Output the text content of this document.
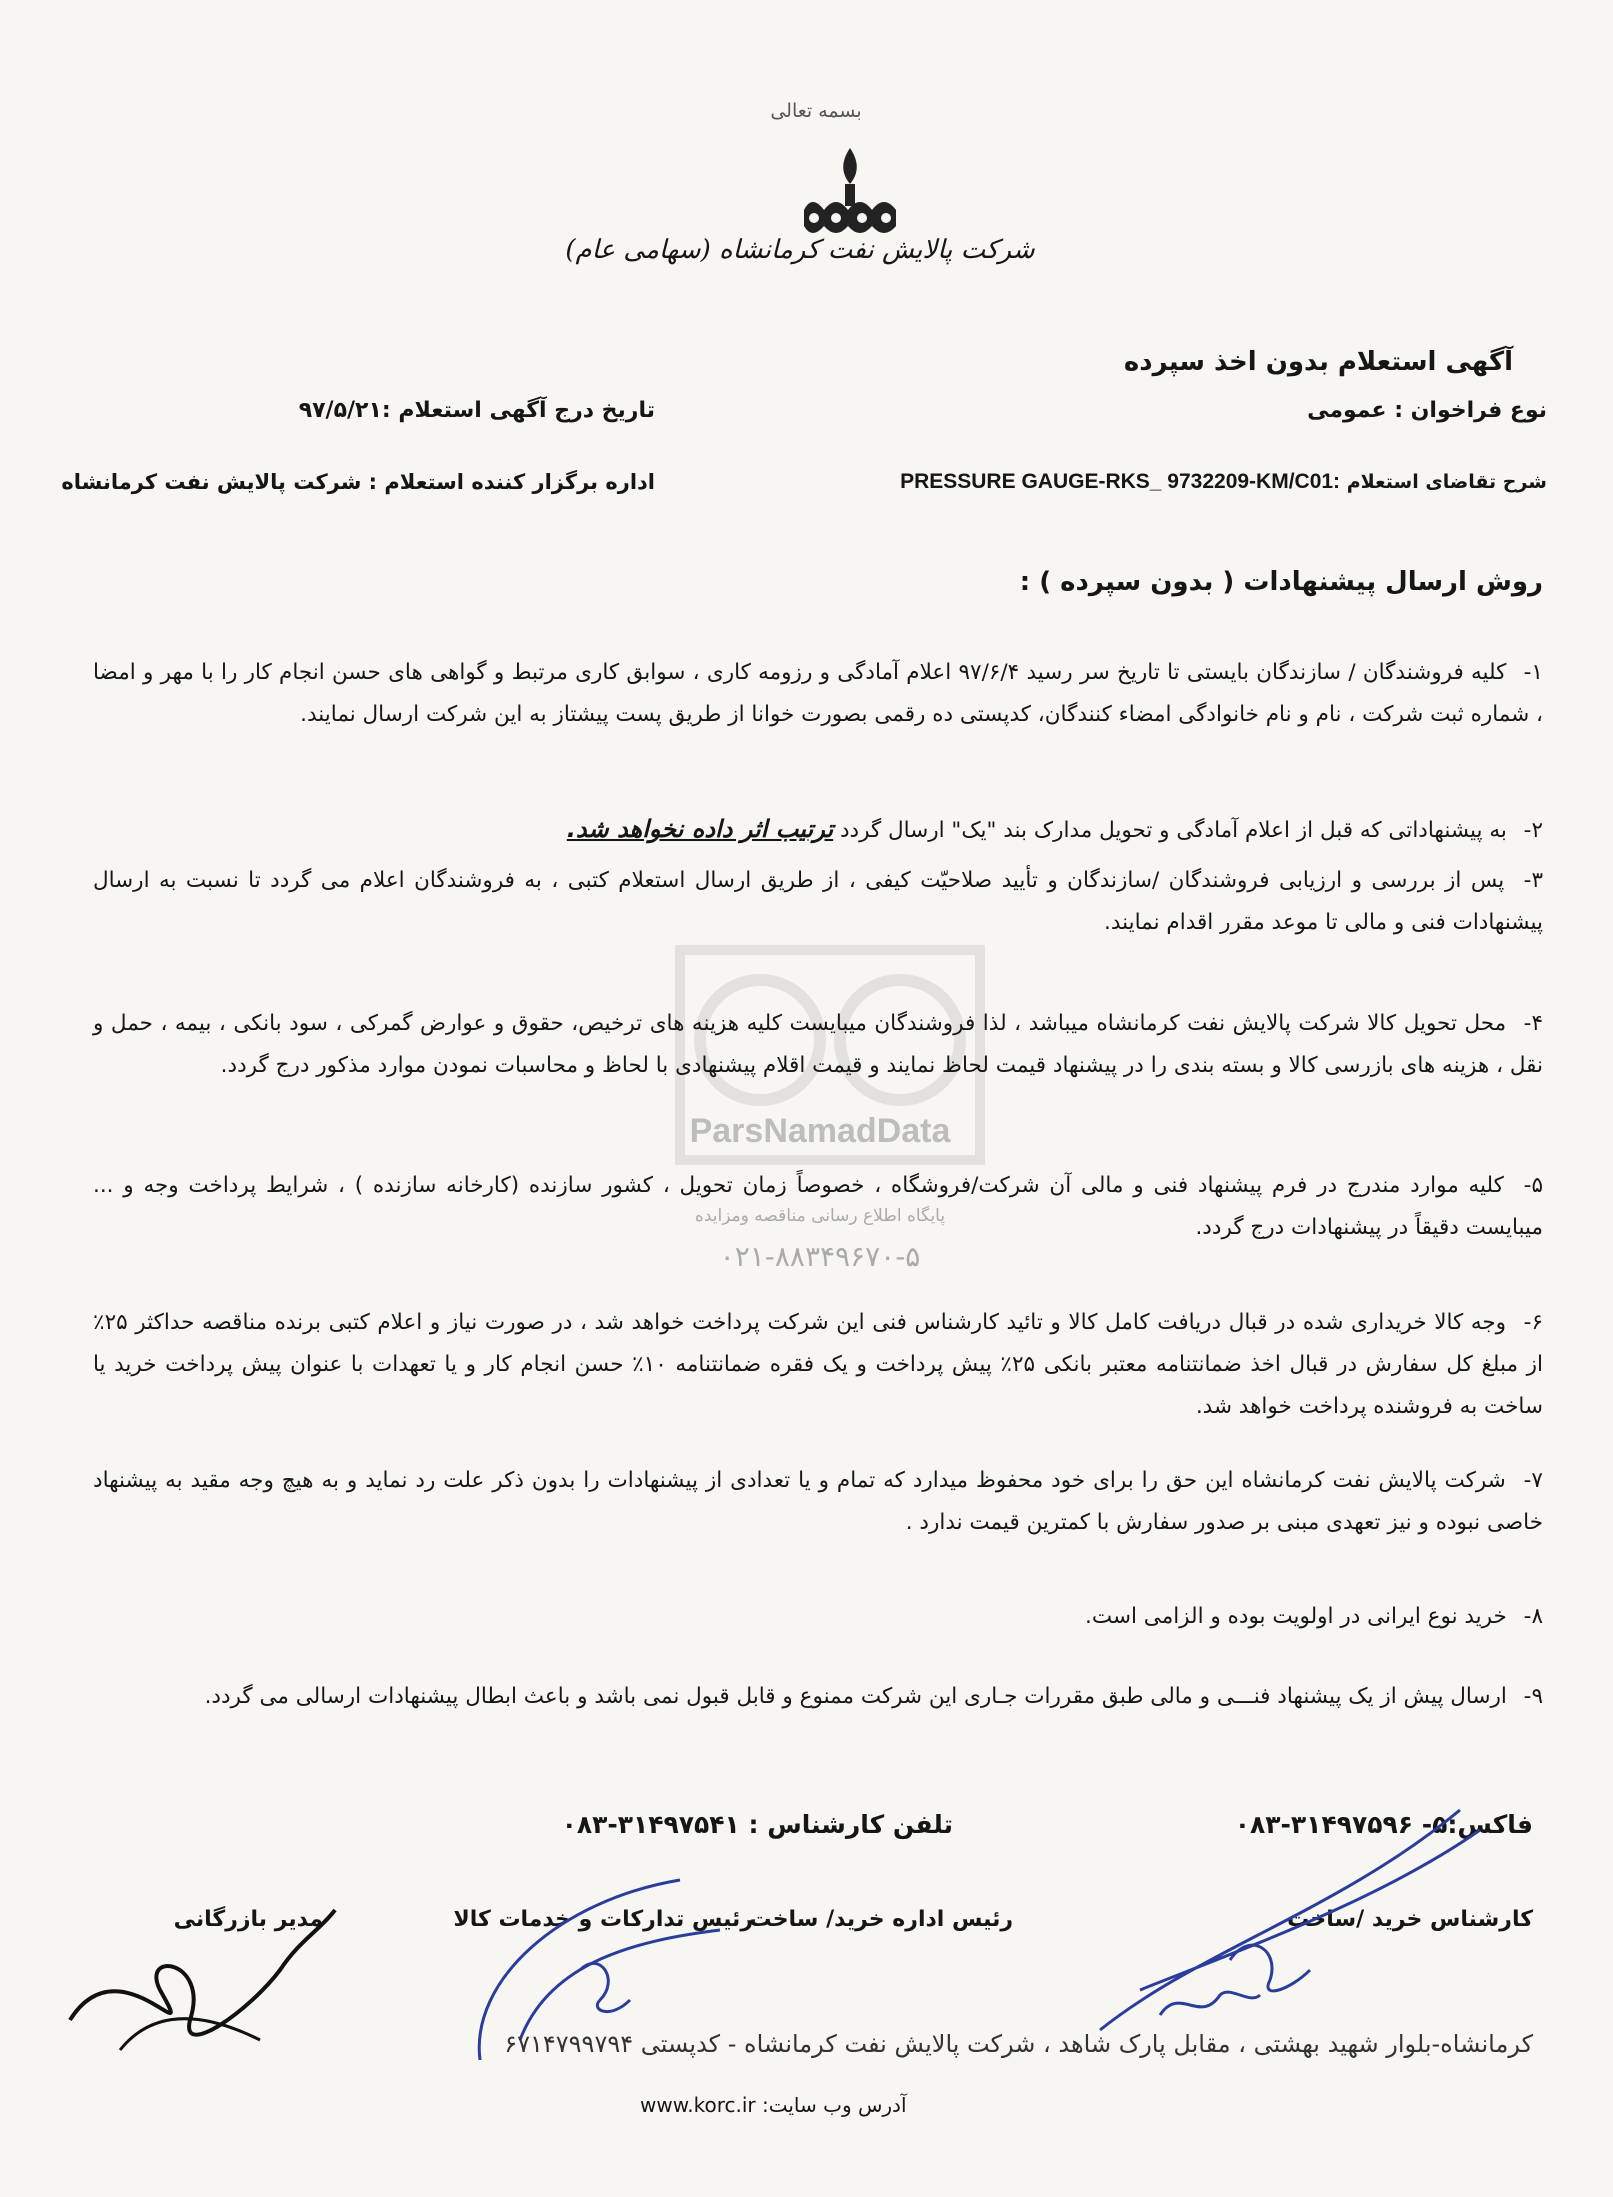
بسمه تعالی
شرکت پالایش نفت کرمانشاه (سهامی عام)
آگهی استعلام بدون اخذ سپرده
نوع فراخوان : عمومی
تاریخ درج آگهی استعلام :۹۷/۵/۲۱
شرح تقاضای استعلام PRESSURE GAUGE-RKS_ 9732209-KM/C01:
اداره برگزار کننده استعلام : شرکت پالایش نفت کرمانشاه
روش ارسال پیشنهادات ( بدون سپرده ) :
ParsNamadData
پایگاه اطلاع رسانی مناقصه ومزایده
۰۲۱-۸۸۳۴۹۶۷۰-۵
۱- کلیه فروشندگان / سازندگان بایستی تا تاریخ سر رسید ۹۷/۶/۴ اعلام آمادگی و رزومه کاری ، سوابق کاری مرتبط و گواهی های حسن انجام کار را با مهر و امضا ، شماره ثبت شرکت ، نام و نام خانوادگی امضاء کنندگان، کدپستی ده رقمی بصورت خوانا از طریق پست پیشتاز به این شرکت ارسال نمایند.
۲- به پیشنهاداتی که قبل از اعلام آمادگی و تحویل مدارک بند "یک" ارسال گردد ترتیب اثر داده نخواهد شد.
۳- پس از بررسی و ارزیابی فروشندگان /سازندگان و تأیید صلاحیّت کیفی ، از طریق ارسال استعلام کتبی ، به فروشندگان اعلام می گردد تا نسبت به ارسال پیشنهادات فنی و مالی تا موعد مقرر اقدام نمایند.
۴- محل تحویل کالا شرکت پالایش نفت کرمانشاه میباشد ، لذا فروشندگان میبایست کلیه هزینه های ترخیص، حقوق و عوارض گمرکی ، سود بانکی ، بیمه ، حمل و نقل ، هزینه های بازرسی کالا و بسته بندی را در پیشنهاد قیمت لحاظ نمایند و قیمت اقلام پیشنهادی با لحاظ و محاسبات نمودن موارد مذکور درج گردد.
۵- کلیه موارد مندرج در فرم پیشنهاد فنی و مالی آن شرکت/فروشگاه ، خصوصاً زمان تحویل ، کشور سازنده (کارخانه سازنده ) ، شرایط پرداخت وجه و ... میبایست دقیقاً در پیشنهادات درج گردد.
۶- وجه کالا خریداری شده در قبال دریافت کامل کالا و تائید کارشناس فنی این شرکت پرداخت خواهد شد ، در صورت نیاز و اعلام کتبی برنده مناقصه حداکثر ۲۵٪ از مبلغ کل سفارش در قبال اخذ ضمانتنامه معتبر بانکی ۲۵٪ پیش پرداخت و یک فقره ضمانتنامه ۱۰٪ حسن انجام کار و یا تعهدات با عنوان پیش پرداخت خرید یا ساخت به فروشنده پرداخت خواهد شد.
۷- شرکت پالایش نفت کرمانشاه این حق را برای خود محفوظ میدارد که تمام و یا تعدادی از پیشنهادات را بدون ذکر علت رد نماید و به هیچ وجه مقید به پیشنهاد خاصی نبوده و نیز تعهدی مبنی بر صدور سفارش با کمترین قیمت ندارد .
۸- خرید نوع ایرانی در اولویت بوده و الزامی است.
۹- ارسال پیش از یک پیشنهاد فنـــی و مالی طبق مقررات جـاری این شرکت ممنوع و قابل قبول نمی باشد و باعث ابطال پیشنهادات ارسالی می گردد.
فاکس:۵- ۳۱۴۹۷۵۹۶-۰۸۳
تلفن کارشناس : ۳۱۴۹۷۵۴۱-۰۸۳
کارشناس خرید /ساخت
رئیس اداره خرید/ ساخت
رئیس تدارکات و خدمات کالا
مدیر بازرگانی
کرمانشاه-بلوار شهید بهشتی ، مقابل پارک شاهد ، شرکت پالایش نفت کرمانشاه - کدپستی ۶۷۱۴۷۹۹۷۹۴
آدرس وب سایت: www.korc.ir
